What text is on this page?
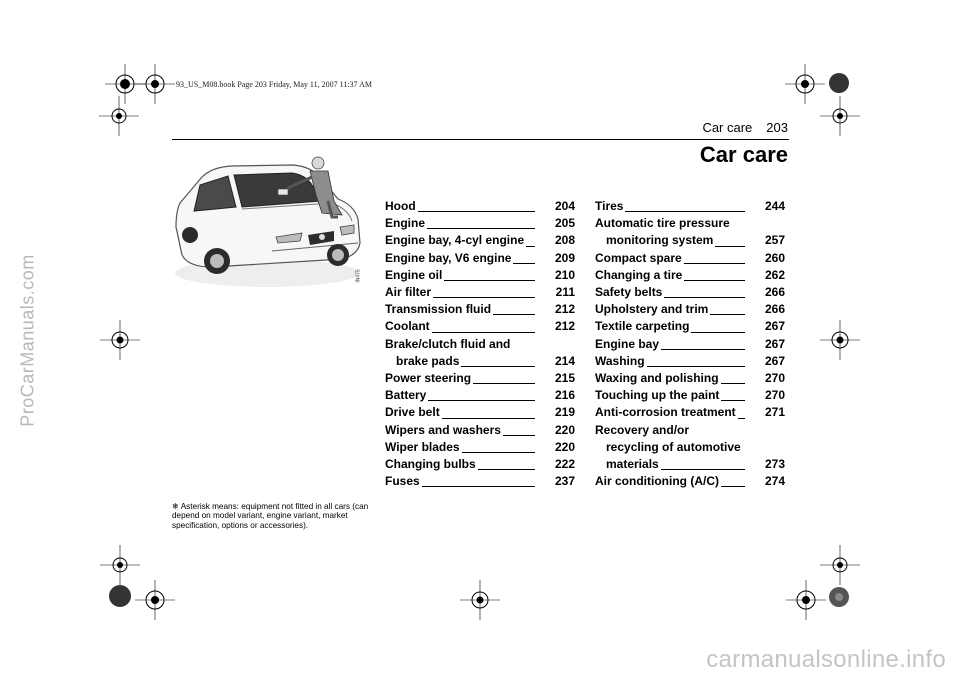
93_US_M08.book Page 203 Friday, May 11, 2007 11:37 AM
ProCarManuals.com
Car care 203
Car care
IN475
Hood	204
Engine	205
Engine bay, 4-cyl engine	208
Engine bay, V6 engine	209
Engine oil	210
Air filter	211
Transmission fluid	212
Coolant	212
Brake/clutch fluid and
brake pads	214
Power steering	215
Battery	216
Drive belt	219
Wipers and washers	220
Wiper blades	220
Changing bulbs	222
Fuses	237
Tires	244
Automatic tire pressure
monitoring system	257
Compact spare	260
Changing a tire	262
Safety belts	266
Upholstery and trim	266
Textile carpeting	267
Engine bay	267
Washing	267
Waxing and polishing	270
Touching up the paint	270
Anti-corrosion treatment	271
Recovery and/or
recycling of automotive
materials	273
Air conditioning (A/C)	274
❄ Asterisk means: equipment not fitted in all cars (can depend on model variant, engine variant, market specification, options or accessories).
carmanualsonline.info
